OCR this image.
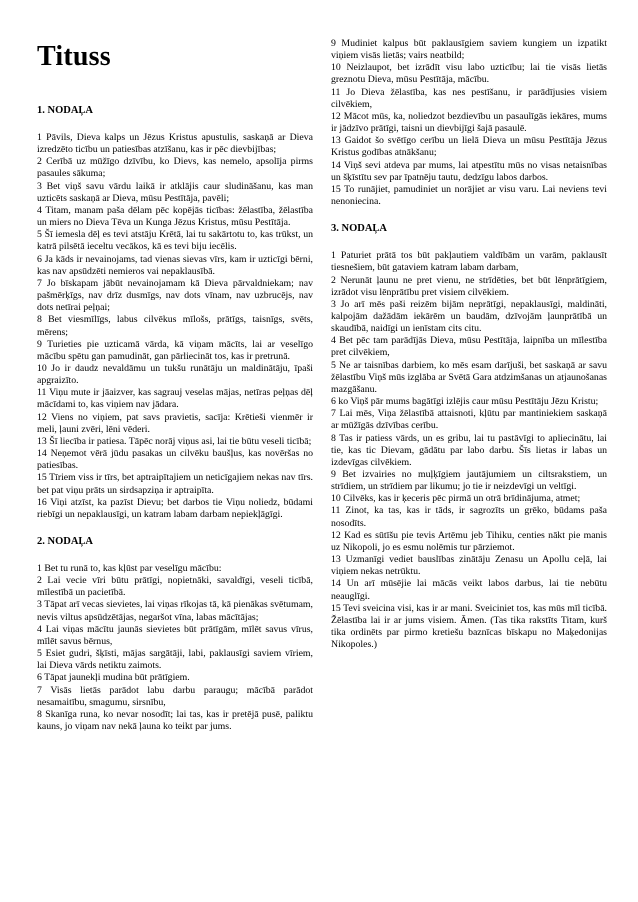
Tituss
1. NODAĻA

1 Pāvils, Dieva kalps un Jēzus Kristus apustulis, saskaņā ar Dieva izredzēto ticību un patiesības atzīšanu, kas ir pēc dievbijības;

2 Cerībā uz mūžīgo dzīvību, ko Dievs, kas nemelo, apsolīja pirms pasaules sākuma;

3 Bet viņš savu vārdu laikā ir atklājis caur sludināšanu, kas man uzticēts saskaņā ar Dieva, mūsu Pestītāja, pavēli;

4 Titam, manam paša dēlam pēc kopējās ticības: žēlastība, žēlastība un miers no Dieva Tēva un Kunga Jēzus Kristus, mūsu Pestītāja.

5 Šī iemesla dēļ es tevi atstāju Krētā, lai tu sakārtotu to, kas trūkst, un katrā pilsētā ieceltu vecākos, kā es tevi biju iecēlis.

6 Ja kāds ir nevainojams, tad vienas sievas vīrs, kam ir uzticīgi bērni, kas nav apsūdzēti nemieros vai nepaklausībā.

7 Jo bīskapam jābūt nevainojamam kā Dieva pārvaldniekam; nav pašmērķīgs, nav drīz dusmīgs, nav dots vīnam, nav uzbrucējs, nav dots netīrai peļņai;

8 Bet viesmīlīgs, labus cilvēkus mīlošs, prātīgs, taisnīgs, svēts, mērens;

9 Turieties pie uzticamā vārda, kā viņam mācīts, lai ar veselīgo mācību spētu gan pamudināt, gan pārliecināt tos, kas ir pretrunā.

10 Jo ir daudz nevaldāmu un tukšu runātāju un maldinātāju, īpaši apgraizīto.

11 Viņu mute ir jāaizver, kas sagrauj veselas mājas, netīras peļņas dēļ mācīdami to, kas viņiem nav jādara.

12 Viens no viņiem, pat savs pravietis, sacīja: Krētieši vienmēr ir meli, ļauni zvēri, lēni vēderi.

13 Šī liecība ir patiesa. Tāpēc norāj viņus asi, lai tie būtu veseli ticībā;

14 Neņemot vērā jūdu pasakas un cilvēku baušļus, kas novēršas no patiesības.

15 Tīriem viss ir tīrs, bet aptraipītajiem un neticīgajiem nekas nav tīrs. bet pat viņu prāts un sirdsapziņa ir aptraipīta.

16 Viņi atzīst, ka pazīst Dievu; bet darbos tie Viņu noliedz, būdami riebīgi un nepaklausīgi, un katram labam darbam nepiekļāgīgi.

2. NODAĻA

1 Bet tu runā to, kas kļūst par veselīgu mācību:

2 Lai vecie vīri būtu prātīgi, nopietnāki, savaldīgi, veseli ticībā, mīlestībā un pacietībā.

3 Tāpat arī vecas sievietes, lai viņas rīkojas tā, kā pienākas svētumam, nevis viltus apsūdzētājas, negaršot vīna, labas mācītājas;

4 Lai viņas mācītu jaunās sievietes būt prātīgām, mīlēt savus vīrus, mīlēt savus bērnus,

5 Esiet gudri, šķīsti, mājas sargātāji, labi, paklausīgi saviem vīriem, lai Dieva vārds netiktu zaimots.

6 Tāpat jaunekļi mudina būt prātīgiem.

7 Visās lietās parādot labu darbu paraugu; mācībā parādot nesamaitību, smagumu, sirsnību,

8 Skanīga runa, ko nevar nosodīt; lai tas, kas ir pretējā pusē, paliktu kauns, jo viņam nav nekā ļauna ko teikt par jums.

9 Mudiniet kalpus būt paklausīgiem saviem kungiem un izpatikt viņiem visās lietās; vairs neatbild;

10 Neizlaupot, bet izrādīt visu labo uzticību; lai tie visās lietās greznotu Dieva, mūsu Pestītāja, mācību.

11 Jo Dieva žēlastība, kas nes pestīšanu, ir parādījusies visiem cilvēkiem,

12 Mācot mūs, ka, noliedzot bezdievību un pasaulīgās iekāres, mums ir jādzīvo prātīgi, taisni un dievbijīgi šajā pasaulē.

13 Gaidot šo svētīgo cerību un lielā Dieva un mūsu Pestītāja Jēzus Kristus godības atnākšanu;

14 Viņš sevi atdeva par mums, lai atpestītu mūs no visas netaisnības un šķīstītu sev par īpatnēju tautu, dedzīgu labos darbos.

15 To runājiet, pamudiniet un norājiet ar visu varu. Lai neviens tevi nenoniecina.

3. NODAĻA

1 Paturiet prātā tos būt pakļautiem valdībām un varām, paklausīt tiesnešiem, būt gataviem katram labam darbam,

2 Nerunāt ļaunu ne pret vienu, ne strīdēties, bet būt lēnprātīgiem, izrādot visu lēnprātību pret visiem cilvēkiem.

3 Jo arī mēs paši reizēm bijām neprātīgi, nepaklausīgi, maldināti, kalpojām dažādām iekārēm un baudām, dzīvojām ļaunprātībā un skaudībā, naidīgi un ienīstam cits citu.

4 Bet pēc tam parādījās Dieva, mūsu Pestītāja, laipnība un mīlestība pret cilvēkiem,

5 Ne ar taisnības darbiem, ko mēs esam darījuši, bet saskaņā ar savu žēlastību Viņš mūs izglāba ar Svētā Gara atdzimšanas un atjaunošanas mazgāšanu.

6 ko Viņš pār mums bagātīgi izlējis caur mūsu Pestītāju Jēzu Kristu;

7 Lai mēs, Viņa žēlastībā attaisnoti, kļūtu par mantiniekiem saskaņā ar mūžīgās dzīvības cerību.

8 Tas ir patiess vārds, un es gribu, lai tu pastāvīgi to apliecinātu, lai tie, kas tic Dievam, gādātu par labo darbu. Šīs lietas ir labas un izdevīgas cilvēkiem.

9 Bet izvairies no muļķīgiem jautājumiem un ciltsrakstiem, un strīdiem, un strīdiem par likumu; jo tie ir neizdevīgi un veltīgi.

10 Cilvēks, kas ir ķeceris pēc pirmā un otrā brīdinājuma, atmet;

11 Zinot, ka tas, kas ir tāds, ir sagrozīts un grēko, būdams paša nosodīts.

12 Kad es sūtīšu pie tevis Artēmu jeb Tihiku, centies nākt pie manis uz Nikopoli, jo es esmu nolēmis tur pārziemot.

13 Uzmanīgi vediet bauslības zinātāju Zenasu un Apollu ceļā, lai viņiem nekas netrūktu.

14 Un arī mūsējie lai mācās veikt labos darbus, lai tie nebūtu neauglīgi.

15 Tevi sveicina visi, kas ir ar mani. Sveiciniet tos, kas mūs mīl ticībā. Žēlastība lai ir ar jums visiem. Āmen. (Tas tika rakstīts Titam, kurš tika ordinēts par pirmo kretiešu baznīcas bīskapu no Maķedonijas Nikopoles.)
